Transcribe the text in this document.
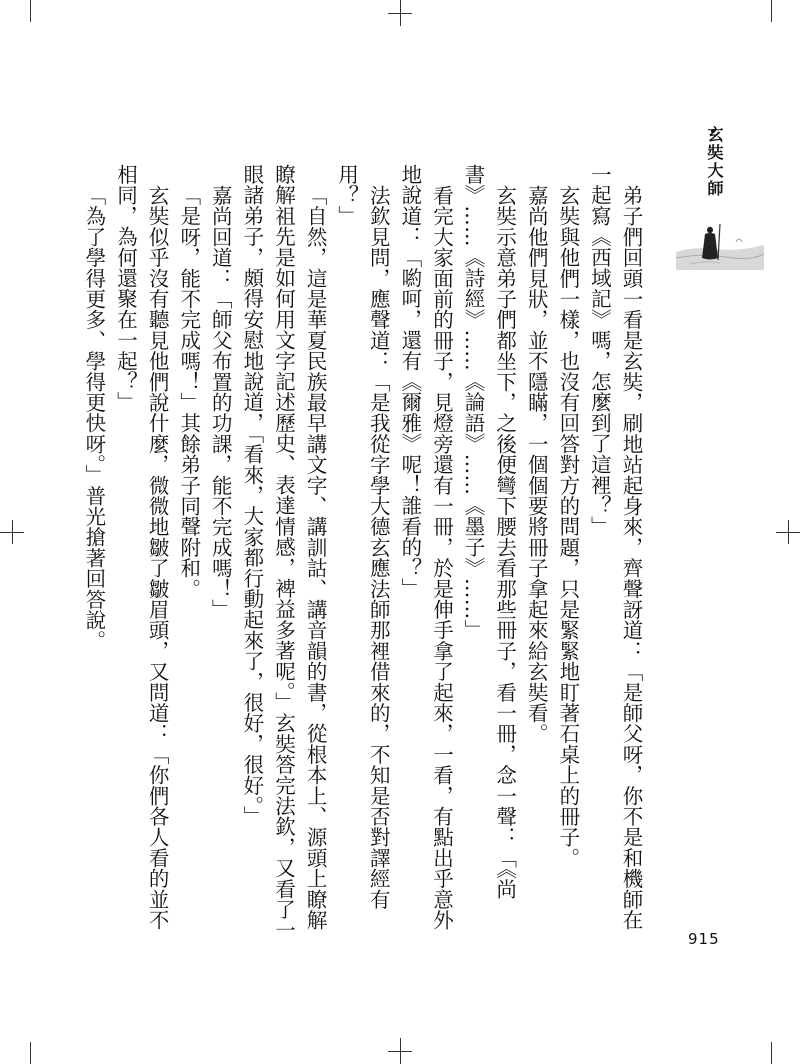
玄奘大師

弟子們回頭一看是玄奘，刷地站起身來，齊聲訝道：「是師父呀，你不是和機師在一起寫《西域記》嗎，怎麼到了這裡？」

玄奘與他們一樣，也沒有回答對方的問題，只是緊緊地盯著石桌上的冊子。

嘉尚他們見狀，並不隱瞞，一個個要將冊子拿起來給玄奘看。

玄奘示意弟子們都坐下，之後便彎下腰去看那些冊子，看一冊，念一聲：「《尚書》……《詩經》……《論語》……《墨子》……」

看完大家面前的冊子，見燈旁還有一冊，於是伸手拿了起來，一看，有點出乎意外地說道：「喲呵，還有《爾雅》呢！誰看的？」

法欽見問，應聲道：「是我從字學大德玄應法師那裡借來的，不知是否對譯經有用？」

「自然，這是華夏民族最早講文字、講訓詁、講音韻的書，從根本上、源頭上瞭解瞭解祖先是如何用文字記述歷史、表達情感，裨益多著呢。」玄奘答完法欽，又看了一眼諸弟子，頗得安慰地說道，「看來，大家都行動起來了，很好，很好。」

嘉尚回道：「師父布置的功課，能不完成嗎！」

「是呀，能不完成嗎！」其餘弟子同聲附和。

玄奘似乎沒有聽見他們說什麼，微微地皺了皺眉頭，又問道：「你們各人看的並不相同，為何還聚在一起？」

「為了學得更多、學得更快呀。」普光搶著回答說。

915
